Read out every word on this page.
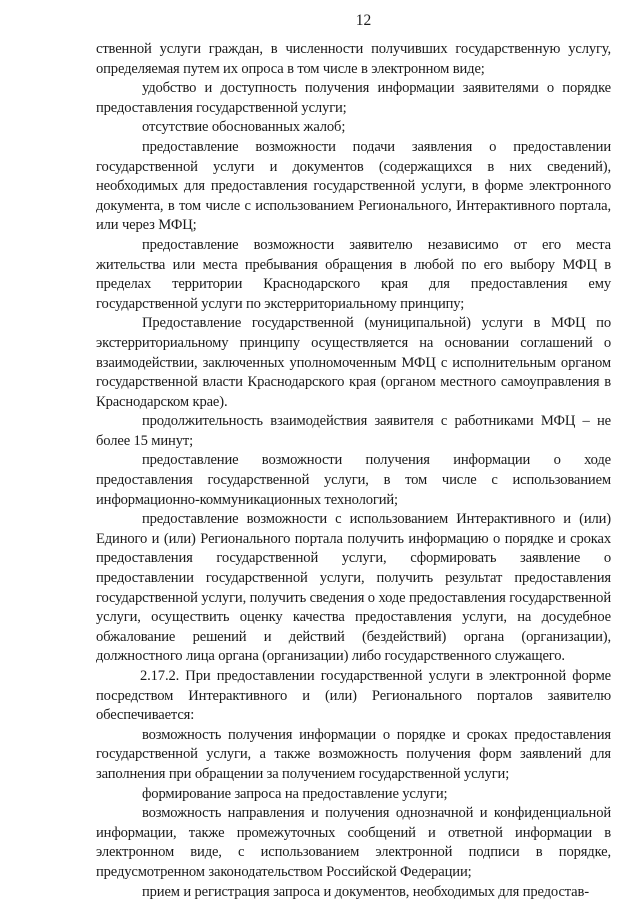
12

ственной услуги граждан, в численности получивших государственную услугу, определяемая путем их опроса в том числе в электронном виде;

удобство и доступность получения информации заявителями о порядке предоставления государственной услуги;

отсутствие обоснованных жалоб;

предоставление возможности подачи заявления о предоставлении государственной услуги и документов (содержащихся в них сведений), необходимых для предоставления государственной услуги, в форме электронного документа, в том числе с использованием Регионального, Интерактивного портала, или через МФЦ;

предоставление возможности заявителю независимо от его места жительства или места пребывания обращения в любой по его выбору МФЦ в пределах территории Краснодарского края для предоставления ему государственной услуги по экстерриториальному принципу;

Предоставление государственной (муниципальной) услуги в МФЦ по экстерриториальному принципу осуществляется на основании соглашений о взаимодействии, заключенных уполномоченным МФЦ с исполнительным органом государственной власти Краснодарского края (органом местного самоуправления в Краснодарском крае).

продолжительность взаимодействия заявителя с работниками МФЦ – не более 15 минут;

предоставление возможности получения информации о ходе предоставления государственной услуги, в том числе с использованием информационно-коммуникационных технологий;

предоставление возможности с использованием Интерактивного и (или) Единого и (или) Регионального портала получить информацию о порядке и сроках предоставления государственной услуги, сформировать заявление о предоставлении государственной услуги, получить результат предоставления государственной услуги, получить сведения о ходе предоставления государственной услуги, осуществить оценку качества предоставления услуги, на досудебное обжалование решений и действий (бездействий) органа (организации), должностного лица органа (организации) либо государственного служащего.

2.17.2. При предоставлении государственной услуги в электронной форме посредством Интерактивного и (или) Регионального порталов заявителю обеспечивается:

возможность получения информации о порядке и сроках предоставления государственной услуги, а также возможность получения форм заявлений для заполнения при обращении за получением государственной услуги;

формирование запроса на предоставление услуги;

возможность направления и получения однозначной и конфиденциальной информации, также промежуточных сообщений и ответной информации в электронном виде, с использованием электронной подписи в порядке, предусмотренном законодательством Российской Федерации;

прием и регистрация запроса и документов, необходимых для предостав-
